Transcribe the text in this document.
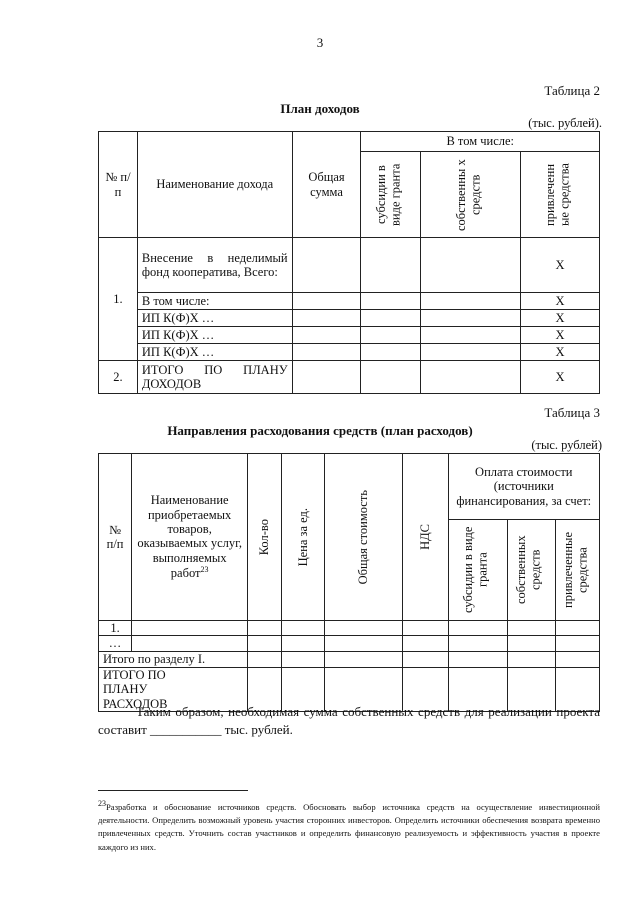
3
Таблица 2
План доходов
(тыс. рублей).
№ п/п	Наименование дохода	Общая сумма	В том числе:		

			субсидии в виде гранта	собственны х средств	привлеченн ые средства

1.	Внесение в неделимый фонд кооператива, Всего:				Х
	В том числе:				Х
	ИП К(Ф)Х …				Х
	ИП К(Ф)Х …				Х
	ИП К(Ф)Х …				Х
2.	ИТОГО ПО ПЛАНУ ДОХОДОВ				Х
Таблица 3
Направления расходования средств (план расходов)
(тыс. рублей)
№ п/п	Наименование приобретаемых товаров, оказываемых услуг, выполняемых работ$^{23}$	Кол-во	Цена за ед.	Общая стоимость	НДС	Оплата стоимости (источники финансирования, за счет:		

						субсидии в виде гранта	собственных средств	привлеченные средства

1.								
…								
Итого по разделу I.								
ИТОГО ПО ПЛАНУ РАСХОДОВ								
Таким образом, необходимая сумма собственных средств для реализации проекта составит ___________ тыс. рублей.
$^{23}$Разработка и обоснование источников средств. Обосновать выбор источника средств на осуществление инвестиционной деятельности. Определить возможный уровень участия сторонних инвесторов. Определить источники обеспечения возврата временно привлеченных средств. Уточнить состав участников и определить финансовую реализуемость и эффективность участия в проекте каждого из них.
